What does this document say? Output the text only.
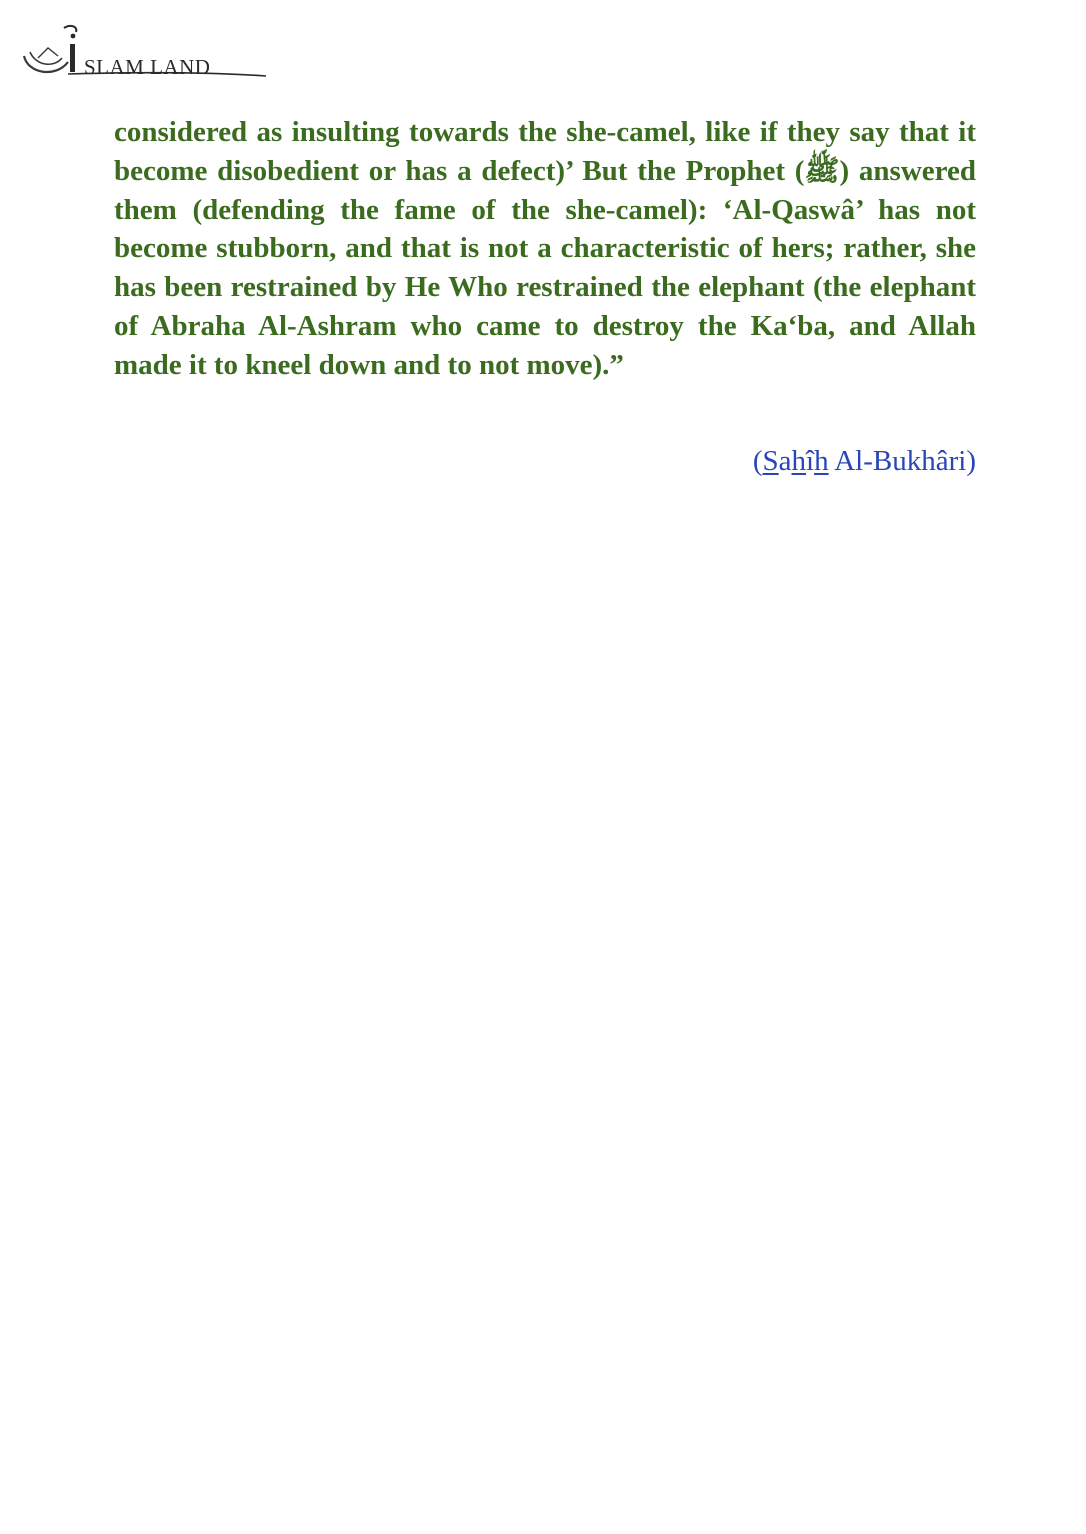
SLAM LAND

considered as insulting towards the she-camel, like if they say that it become disobedient or has a defect)’ But the Prophet (ﷺ) answered them (defending the fame of the she-camel): ‘Al-Qaswâ’ has not become stubborn, and that is not a characteristic of hers; rather, she has been restrained by He Who restrained the elephant (the elephant of Abraha Al-Ashram who came to destroy the Ka‘ba, and Allah made it to kneel down and to not move).”

(Sahîh Al-Bukhâri)
